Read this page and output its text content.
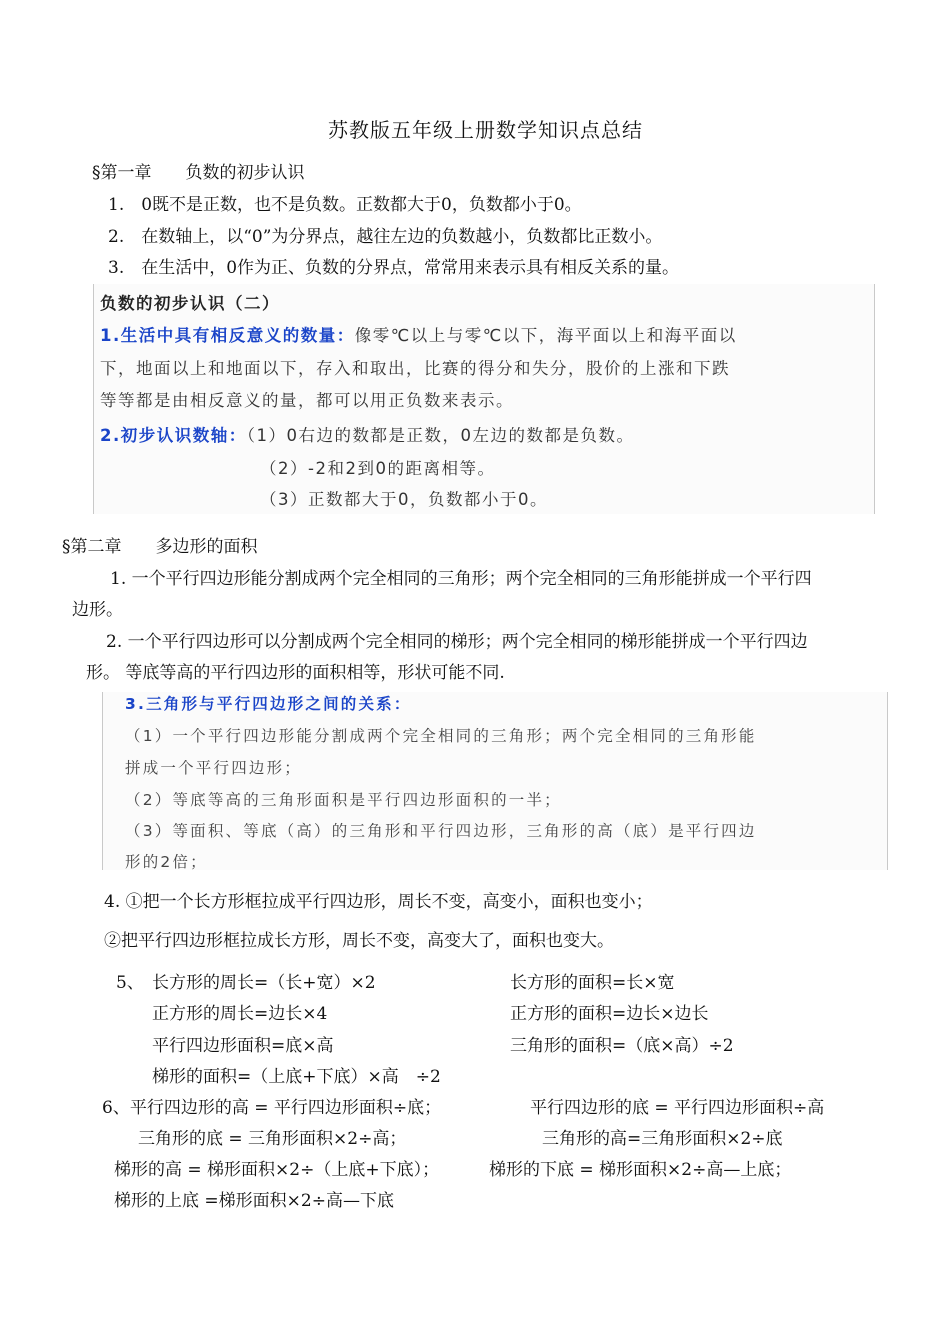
苏教版五年级上册数学知识点总结
§第一章　　负数的初步认识
1.　0既不是正数，也不是负数。正数都大于0，负数都小于0。
2.　在数轴上，以“0”为分界点，越往左边的负数越小，负数都比正数小。
3.　在生活中，0作为正、负数的分界点，常常用来表示具有相反关系的量。
负数的初步认识（二）
1.生活中具有相反意义的数量：像零℃以上与零℃以下，海平面以上和海平面以
下，地面以上和地面以下，存入和取出，比赛的得分和失分，股价的上涨和下跌
等等都是由相反意义的量，都可以用正负数来表示。
2.初步认识数轴：（1）0右边的数都是正数，0左边的数都是负数。
（2）-2和2到0的距离相等。
（3）正数都大于0，负数都小于0。
§第二章　　多边形的面积
1. 一个平行四边形能分割成两个完全相同的三角形；两个完全相同的三角形能拼成一个平行四
边形。
2. 一个平行四边形可以分割成两个完全相同的梯形；两个完全相同的梯形能拼成一个平行四边
形。 等底等高的平行四边形的面积相等，形状可能不同.
3.三角形与平行四边形之间的关系：
（1）一个平行四边形能分割成两个完全相同的三角形；两个完全相同的三角形能
拼成一个平行四边形；
（2）等底等高的三角形面积是平行四边形面积的一半；
（3）等面积、等底（高）的三角形和平行四边形，三角形的高（底）是平行四边
形的2倍；
4. ①把一个长方形框拉成平行四边形，周长不变，高变小，面积也变小；
②把平行四边形框拉成长方形，周长不变，高变大了，面积也变大。
5、 长方形的周长=（长+宽）×2	长方形的面积=长×宽
正方形的周长=边长×4	正方形的面积=边长×边长
平行四边形面积=底×高	三角形的面积=（底×高）÷2
梯形的面积=（上底+下底）×高　÷2
6、平行四边形的高 = 平行四边形面积÷底；	平行四边形的底 = 平行四边形面积÷高
三角形的底 = 三角形面积×2÷高；	三角形的高=三角形面积×2÷底
梯形的高 = 梯形面积×2÷（上底+下底）；	梯形的下底 = 梯形面积×2÷高—上底；
梯形的上底 =梯形面积×2÷高—下底
